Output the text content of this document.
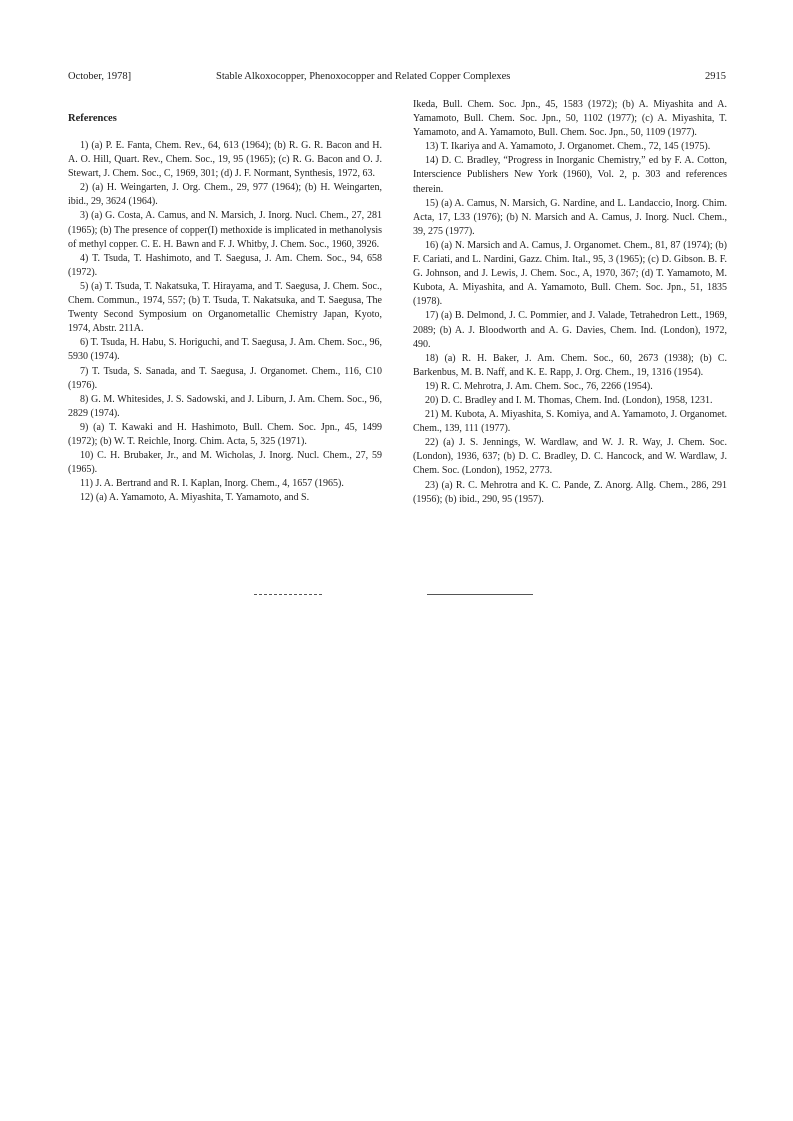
October, 1978]	Stable Alkoxocopper, Phenoxocopper and Related Copper Complexes	2915
References

1) (a) P. E. Fanta, Chem. Rev., 64, 613 (1964); (b) R. G. R. Bacon and H. A. O. Hill, Quart. Rev., Chem. Soc., 19, 95 (1965); (c) R. G. Bacon and O. J. Stewart, J. Chem. Soc., C, 1969, 301; (d) J. F. Normant, Synthesis, 1972, 63.

2) (a) H. Weingarten, J. Org. Chem., 29, 977 (1964); (b) H. Weingarten, ibid., 29, 3624 (1964).

3) (a) G. Costa, A. Camus, and N. Marsich, J. Inorg. Nucl. Chem., 27, 281 (1965); (b) The presence of copper(I) methoxide is implicated in methanolysis of methyl copper. C. E. H. Bawn and F. J. Whitby, J. Chem. Soc., 1960, 3926.

4) T. Tsuda, T. Hashimoto, and T. Saegusa, J. Am. Chem. Soc., 94, 658 (1972).

5) (a) T. Tsuda, T. Nakatsuka, T. Hirayama, and T. Saegusa, J. Chem. Soc., Chem. Commun., 1974, 557; (b) T. Tsuda, T. Nakatsuka, and T. Saegusa, The Twenty Second Symposium on Organometallic Chemistry Japan, Kyoto, 1974, Abstr. 211A.

6) T. Tsuda, H. Habu, S. Horiguchi, and T. Saegusa, J. Am. Chem. Soc., 96, 5930 (1974).

7) T. Tsuda, S. Sanada, and T. Saegusa, J. Organomet. Chem., 116, C10 (1976).

8) G. M. Whitesides, J. S. Sadowski, and J. Liburn, J. Am. Chem. Soc., 96, 2829 (1974).

9) (a) T. Kawaki and H. Hashimoto, Bull. Chem. Soc. Jpn., 45, 1499 (1972); (b) W. T. Reichle, Inorg. Chim. Acta, 5, 325 (1971).

10) C. H. Brubaker, Jr., and M. Wicholas, J. Inorg. Nucl. Chem., 27, 59 (1965).

11) J. A. Bertrand and R. I. Kaplan, Inorg. Chem., 4, 1657 (1965).

12) (a) A. Yamamoto, A. Miyashita, T. Yamamoto, and S.

Ikeda, Bull. Chem. Soc. Jpn., 45, 1583 (1972); (b) A. Miyashita and A. Yamamoto, Bull. Chem. Soc. Jpn., 50, 1102 (1977); (c) A. Miyashita, T. Yamamoto, and A. Yamamoto, Bull. Chem. Soc. Jpn., 50, 1109 (1977).

13) T. Ikariya and A. Yamamoto, J. Organomet. Chem., 72, 145 (1975).

14) D. C. Bradley, “Progress in Inorganic Chemistry,” ed by F. A. Cotton, Interscience Publishers New York (1960), Vol. 2, p. 303 and references therein.

15) (a) A. Camus, N. Marsich, G. Nardine, and L. Landaccio, Inorg. Chim. Acta, 17, L33 (1976); (b) N. Marsich and A. Camus, J. Inorg. Nucl. Chem., 39, 275 (1977).

16) (a) N. Marsich and A. Camus, J. Organomet. Chem., 81, 87 (1974); (b) F. Cariati, and L. Nardini, Gazz. Chim. Ital., 95, 3 (1965); (c) D. Gibson. B. F. G. Johnson, and J. Lewis, J. Chem. Soc., A, 1970, 367; (d) T. Yamamoto, M. Kubota, A. Miyashita, and A. Yamamoto, Bull. Chem. Soc. Jpn., 51, 1835 (1978).

17) (a) B. Delmond, J. C. Pommier, and J. Valade, Tetrahedron Lett., 1969, 2089; (b) A. J. Bloodworth and A. G. Davies, Chem. Ind. (London), 1972, 490.

18) (a) R. H. Baker, J. Am. Chem. Soc., 60, 2673 (1938); (b) C. Barkenbus, M. B. Naff, and K. E. Rapp, J. Org. Chem., 19, 1316 (1954).

19) R. C. Mehrotra, J. Am. Chem. Soc., 76, 2266 (1954).

20) D. C. Bradley and I. M. Thomas, Chem. Ind. (London), 1958, 1231.

21) M. Kubota, A. Miyashita, S. Komiya, and A. Yamamoto, J. Organomet. Chem., 139, 111 (1977).

22) (a) J. S. Jennings, W. Wardlaw, and W. J. R. Way, J. Chem. Soc. (London), 1936, 637; (b) D. C. Bradley, D. C. Hancock, and W. Wardlaw, J. Chem. Soc. (London), 1952, 2773.

23) (a) R. C. Mehrotra and K. C. Pande, Z. Anorg. Allg. Chem., 286, 291 (1956); (b) ibid., 290, 95 (1957).
